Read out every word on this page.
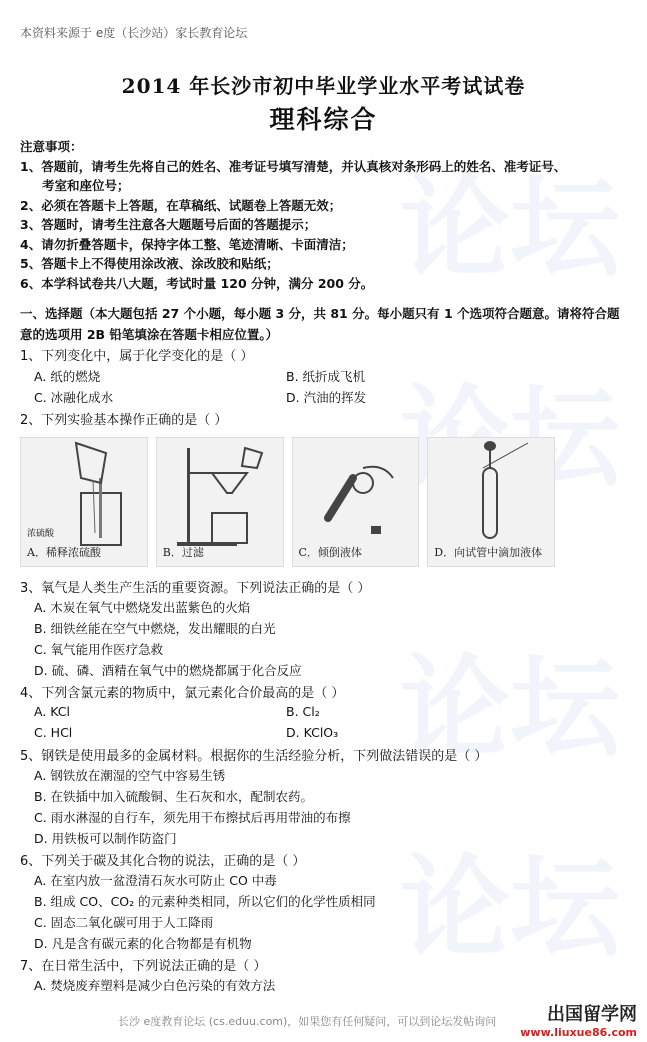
论坛
论坛
论坛
本资料来源于 e度（长沙站）家长教育论坛
2014 年长沙市初中毕业学业水平考试试卷
理科综合
注意事项：
1、答题前，请考生先将自己的姓名、准考证号填写清楚，并认真核对条形码上的姓名、准考证号、
考室和座位号；
2、必须在答题卡上答题，在草稿纸、试题卷上答题无效；
3、答题时，请考生注意各大题题号后面的答题提示；
4、请勿折叠答题卡，保持字体工整、笔迹清晰、卡面清洁；
5、答题卡上不得使用涂改液、涂改胶和贴纸；
6、本学科试卷共八大题，考试时量 120 分钟，满分 200 分。
一、选择题（本大题包括 27 个小题，每小题 3 分，共 81 分。每小题只有 1 个选项符合题意。请将符合题意的选项用 2B 铅笔填涂在答题卡相应位置。）
1、下列变化中，属于化学变化的是（ ）
A. 纸的燃烧	B. 纸折成飞机
C. 冰融化成水	D. 汽油的挥发
2、下列实验基本操作正确的是（ ）
浓硫酸
A．稀释浓硫酸	B．过滤	C．倾倒液体	D．向试管中滴加液体
3、氧气是人类生产生活的重要资源。下列说法正确的是（ ）
A. 木炭在氧气中燃烧发出蓝紫色的火焰
B. 细铁丝能在空气中燃烧，发出耀眼的白光
C. 氧气能用作医疗急救
D. 硫、磷、酒精在氧气中的燃烧都属于化合反应
4、下列含氯元素的物质中，氯元素化合价最高的是（ ）
A. KCl	B. Cl₂
C. HCl	D. KClO₃
5、钢铁是使用最多的金属材料。根据你的生活经验分析，下列做法错误的是（ ）
A. 钢铁放在潮湿的空气中容易生锈
B. 在铁插中加入硫酸铜、生石灰和水，配制农药。
C. 雨水淋湿的自行车，须先用干布擦拭后再用带油的布擦
D. 用铁板可以制作防盗门
6、下列关于碳及其化合物的说法，正确的是（ ）
A. 在室内放一盆澄清石灰水可防止 CO 中毒
B. 组成 CO、CO₂ 的元素种类相同，所以它们的化学性质相同
C. 固态二氧化碳可用于人工降雨
D. 凡是含有碳元素的化合物都是有机物
7、在日常生活中，下列说法正确的是（ ）
A. 焚烧废弃塑料是减少白色污染的有效方法
长沙 e度教育论坛 (cs.eduu.com)，如果您有任何疑问，可以到论坛发帖询问	出国留学网
www.liuxue86.com
